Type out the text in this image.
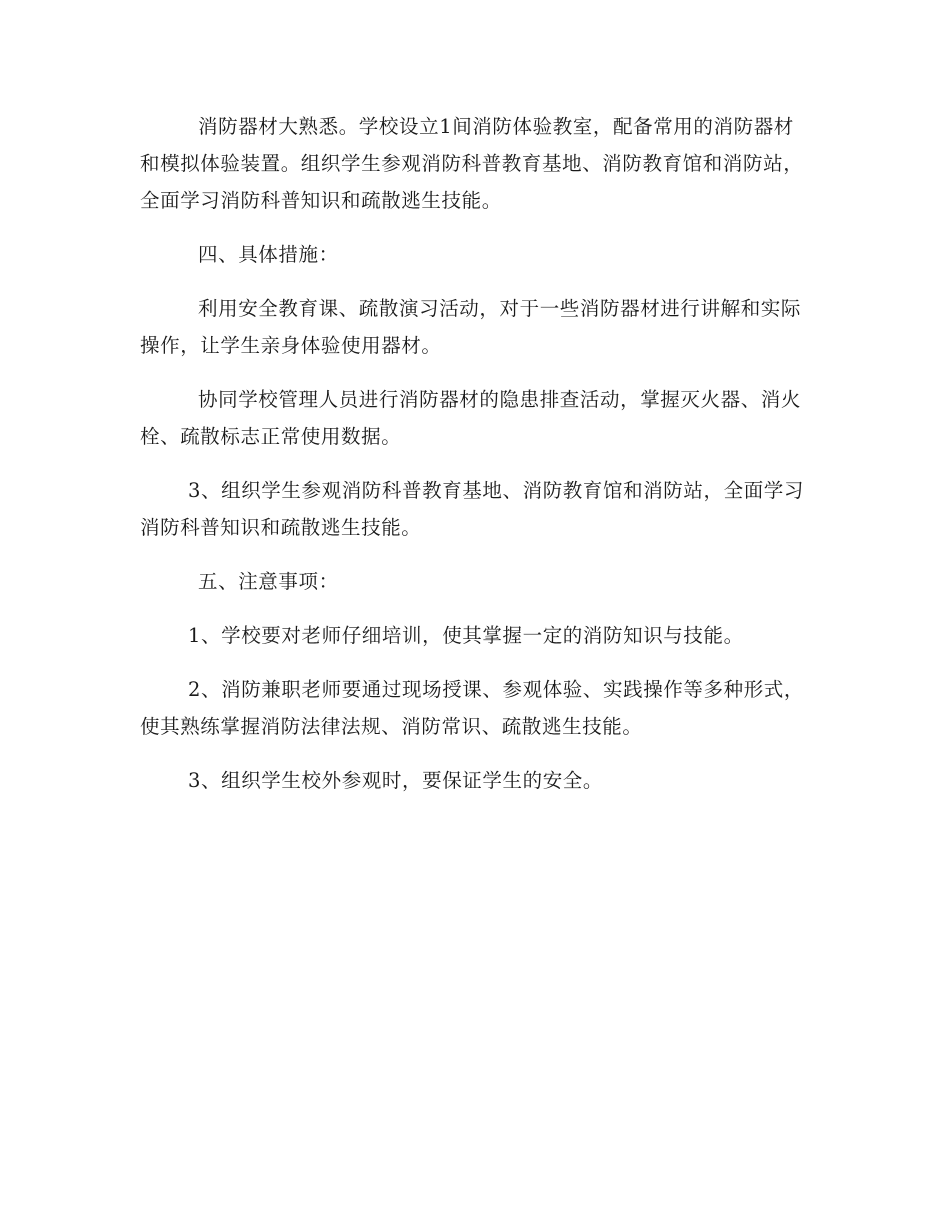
消防器材大熟悉。学校设立1间消防体验教室，配备常用的消防器材和模拟体验装置。组织学生参观消防科普教育基地、消防教育馆和消防站，全面学习消防科普知识和疏散逃生技能。

四、具体措施：

利用安全教育课、疏散演习活动，对于一些消防器材进行讲解和实际操作，让学生亲身体验使用器材。

协同学校管理人员进行消防器材的隐患排查活动，掌握灭火器、消火栓、疏散标志正常使用数据。

3、组织学生参观消防科普教育基地、消防教育馆和消防站，全面学习消防科普知识和疏散逃生技能。

五、注意事项：

1、学校要对老师仔细培训，使其掌握一定的消防知识与技能。

2、消防兼职老师要通过现场授课、参观体验、实践操作等多种形式，使其熟练掌握消防法律法规、消防常识、疏散逃生技能。

3、组织学生校外参观时，要保证学生的安全。
